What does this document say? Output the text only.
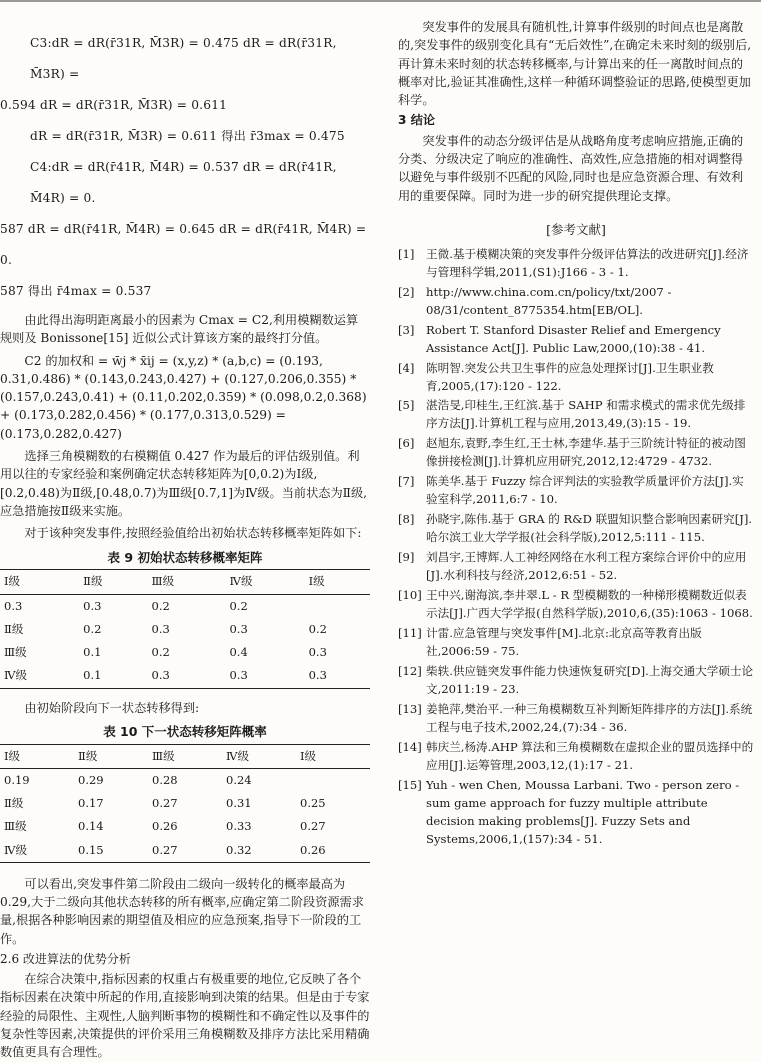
C3:dR = dR(r̄31R, M̄3R) = 0.475 dR = dR(r̄31R, M̄3R) =

0.594 dR = dR(r̄31R, M̄3R) = 0.611

dR = dR(r̄31R, M̄3R) = 0.611 得出 r̄3max = 0.475

C4:dR = dR(r̄41R, M̄4R) = 0.537 dR = dR(r̄41R, M̄4R) = 0.

587 dR = dR(r̄41R, M̄4R) = 0.645 dR = dR(r̄41R, M̄4R) = 0.

587 得出 r̄4max = 0.537

由此得出海明距离最小的因素为 Cmax = C2,利用模糊数运算规则及 Bonissone[15] 近似公式计算该方案的最终打分值。

C2 的加权和 = w̄j * x̄ij = (x,y,z) * (a,b,c) = (0.193, 0.31,0.486) * (0.143,0.243,0.427) + (0.127,0.206,0.355) * (0.157,0.243,0.41) + (0.11,0.202,0.359) * (0.098,0.2,0.368) + (0.173,0.282,0.456) * (0.177,0.313,0.529) = (0.173,0.282,0.427)

选择三角模糊数的右模糊值 0.427 作为最后的评估级别值。利用以往的专家经验和案例确定状态转移矩阵为[0,0.2)为Ⅰ级,[0.2,0.48)为Ⅱ级,[0.48,0.7)为Ⅲ级[0.7,1]为Ⅳ级。当前状态为Ⅱ级,应急措施按Ⅱ级来实施。

对于该种突发事件,按照经验值给出初始状态转移概率矩阵如下:

表 9 初始状态转移概率矩阵
Ⅰ级	Ⅱ级	Ⅲ级	Ⅳ级	Ⅰ级
0.3	0.3	0.2	0.2	
Ⅱ级	0.2	0.3	0.3	0.2
Ⅲ级	0.1	0.2	0.4	0.3
Ⅳ级	0.1	0.3	0.3	0.3

由初始阶段向下一状态转移得到:

表 10 下一状态转移矩阵概率
Ⅰ级	Ⅱ级	Ⅲ级	Ⅳ级	Ⅰ级
0.19	0.29	0.28	0.24	
Ⅱ级	0.17	0.27	0.31	0.25
Ⅲ级	0.14	0.26	0.33	0.27
Ⅳ级	0.15	0.27	0.32	0.26

可以看出,突发事件第二阶段由二级向一级转化的概率最高为 0.29,大于二级向其他状态转移的所有概率,应确定第二阶段资源需求量,根据各种影响因素的期望值及相应的应急预案,指导下一阶段的工作。

2.6 改进算法的优势分析

在综合决策中,指标因素的权重占有极重要的地位,它反映了各个指标因素在决策中所起的作用,直接影响到决策的结果。但是由于专家经验的局限性、主观性,人脑判断事物的模糊性和不确定性以及事件的复杂性等因素,决策提供的评价采用三角模糊数及排序方法比采用精确数值更具有合理性。

突发事件的发展具有随机性,计算事件级别的时间点也是离散的,突发事件的级别变化具有“无后效性”,在确定未来时刻的级别后,再计算未来时刻的状态转移概率,与计算出来的任一离散时间点的概率对比,验证其准确性,这样一种循环调整验证的思路,使模型更加科学。

3 结论

突发事件的动态分级评估是从战略角度考虑响应措施,正确的分类、分级决定了响应的准确性、高效性,应急措施的相对调整得以避免与事件级别不匹配的风险,同时也是应急资源合理、有效利用的重要保障。同时为进一步的研究提供理论支撑。

[参考文献]
[1] 王微.基于模糊决策的突发事件分级评估算法的改进研究[J].经济与管理科学辑,2011,(S1):J166 - 3 - 1.
[2] http://www.china.com.cn/policy/txt/2007 - 08/31/content_8775354.htm[EB/OL].
[3] Robert T. Stanford Disaster Relief and Emergency Assistance Act[J]. Public Law,2000,(10):38 - 41.
[4] 陈明智.突发公共卫生事件的应急处理探讨[J].卫生职业教育,2005,(17):120 - 122.
[5] 湛浩旻,印桂生,王红滨.基于 SAHP 和需求模式的需求优先级排序方法[J].计算机工程与应用,2013,49,(3):15 - 19.
[6] 赵旭东,袁野,李生红,王士林,李建华.基于三阶统计特征的被动图像拼接检测[J].计算机应用研究,2012,12:4729 - 4732.
[7] 陈美华.基于 Fuzzy 综合评判法的实验教学质量评价方法[J].实验室科学,2011,6:7 - 10.
[8] 孙晓宇,陈伟.基于 GRA 的 R&D 联盟知识整合影响因素研究[J].哈尔滨工业大学学报(社会科学版),2012,5:111 - 115.
[9] 刘昌宇,王博辉.人工神经网络在水利工程方案综合评价中的应用[J].水利科技与经济,2012,6:51 - 52.
[10] 王中兴,谢海滨,李井翠.L - R 型模糊数的一种梯形模糊数近似表示法[J].广西大学学报(自然科学版),2010,6,(35):1063 - 1068.
[11] 计雷.应急管理与突发事件[M].北京:北京高等教育出版社,2006:59 - 75.
[12] 柴轶.供应链突发事件能力快速恢复研究[D].上海交通大学硕士论文,2011:19 - 23.
[13] 姜艳萍,樊治平.一种三角模糊数互补判断矩阵排序的方法[J].系统工程与电子技术,2002,24,(7):34 - 36.
[14] 韩庆兰,杨涛.AHP 算法和三角模糊数在虚拟企业的盟员选择中的应用[J].运筹管理,2003,12,(1):17 - 21.
[15] Yuh - wen Chen, Moussa Larbani. Two - person zero - sum game approach for fuzzy multiple attribute decision making problems[J]. Fuzzy Sets and Systems,2006,1,(157):34 - 51.
